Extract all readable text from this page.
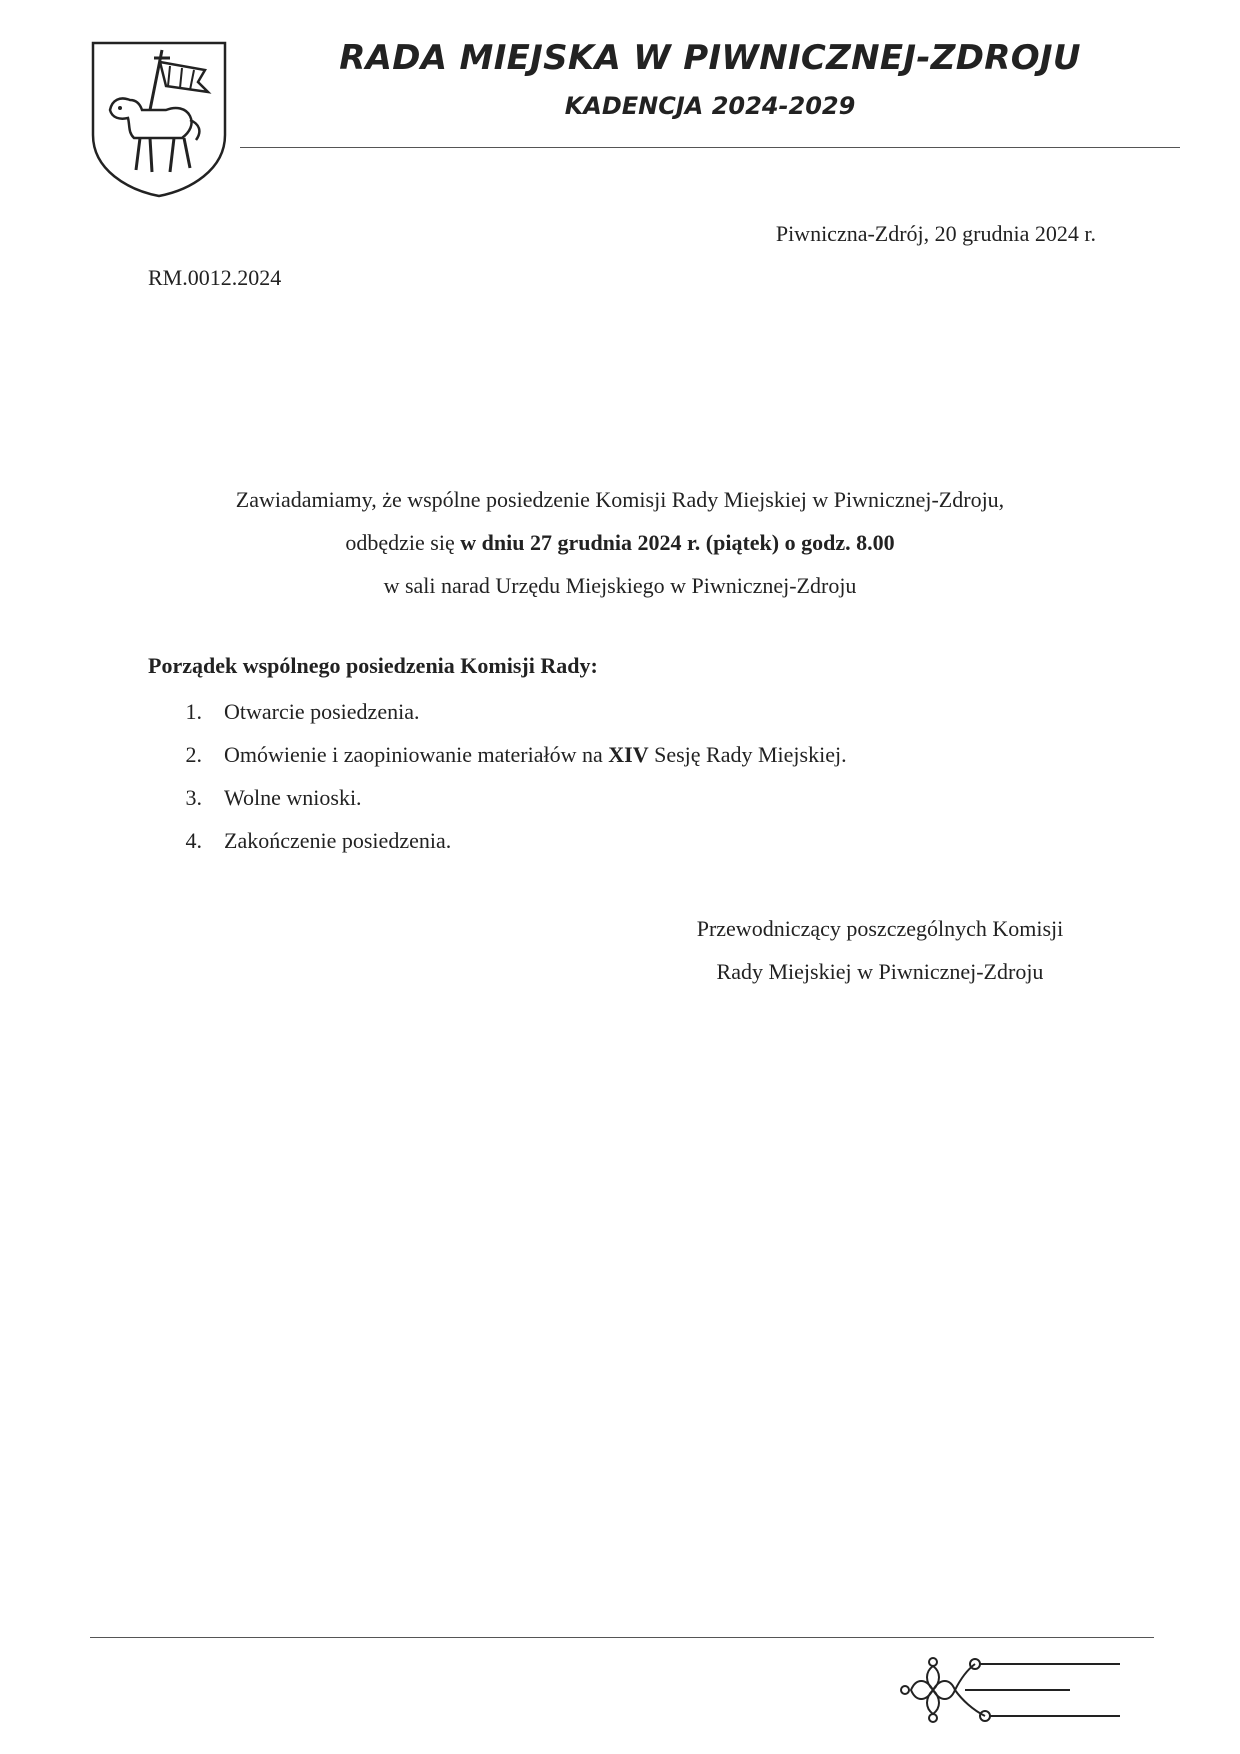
RADA MIEJSKA W PIWNICZNEJ-ZDROJU
KADENCJA 2024-2029
Piwniczna-Zdrój, 20 grudnia 2024 r.
RM.0012.2024

Zawiadamiamy, że wspólne posiedzenie Komisji Rady Miejskiej w Piwnicznej-Zdroju,

odbędzie się w dniu 27 grudnia 2024 r. (piątek) o godz. 8.00

w sali narad Urzędu Miejskiego w Piwnicznej-Zdroju

Porządek wspólnego posiedzenia Komisji Rady:
1.	Otwarcie posiedzenia.
2.	Omówienie i zaopiniowanie materiałów na XIV Sesję Rady Miejskiej.
3.	Wolne wnioski.
4.	Zakończenie posiedzenia.

Przewodniczący poszczególnych Komisji

Rady Miejskiej w Piwnicznej-Zdroju
